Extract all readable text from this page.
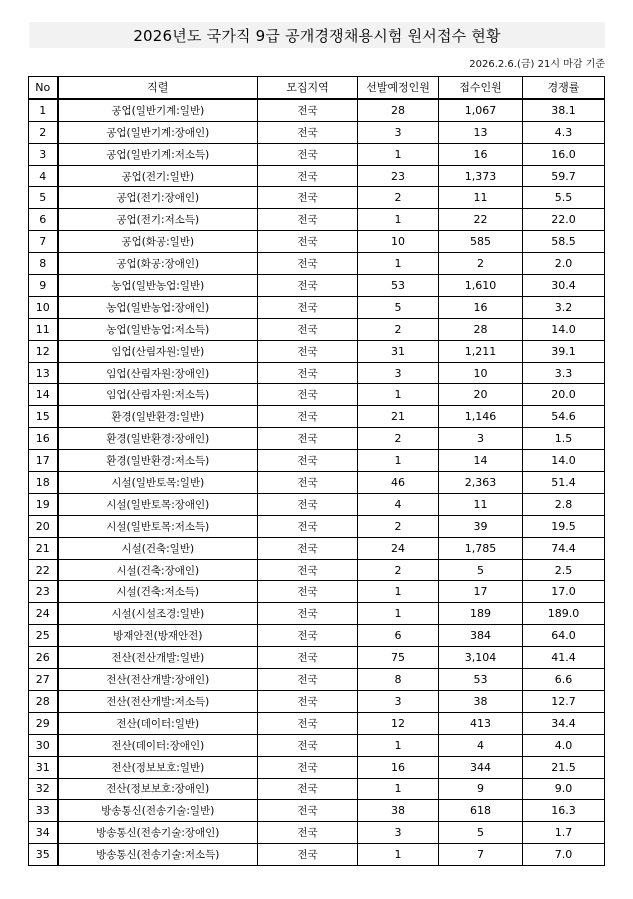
2026년도 국가직 9급 공개경쟁채용시험 원서접수 현황
2026.2.6.(금) 21시 마감 기준
No	직렬	모집지역	선발예정인원	접수인원	경쟁률
1	공업(일반기계:일반)	전국	28	1,067	38.1
2	공업(일반기계:장애인)	전국	3	13	4.3
3	공업(일반기계:저소득)	전국	1	16	16.0
4	공업(전기:일반)	전국	23	1,373	59.7
5	공업(전기:장애인)	전국	2	11	5.5
6	공업(전기:저소득)	전국	1	22	22.0
7	공업(화공:일반)	전국	10	585	58.5
8	공업(화공:장애인)	전국	1	2	2.0
9	농업(일반농업:일반)	전국	53	1,610	30.4
10	농업(일반농업:장애인)	전국	5	16	3.2
11	농업(일반농업:저소득)	전국	2	28	14.0
12	임업(산림자원:일반)	전국	31	1,211	39.1
13	임업(산림자원:장애인)	전국	3	10	3.3
14	임업(산림자원:저소득)	전국	1	20	20.0
15	환경(일반환경:일반)	전국	21	1,146	54.6
16	환경(일반환경:장애인)	전국	2	3	1.5
17	환경(일반환경:저소득)	전국	1	14	14.0
18	시설(일반토목:일반)	전국	46	2,363	51.4
19	시설(일반토목:장애인)	전국	4	11	2.8
20	시설(일반토목:저소득)	전국	2	39	19.5
21	시설(건축:일반)	전국	24	1,785	74.4
22	시설(건축:장애인)	전국	2	5	2.5
23	시설(건축:저소득)	전국	1	17	17.0
24	시설(시설조경:일반)	전국	1	189	189.0
25	방재안전(방재안전)	전국	6	384	64.0
26	전산(전산개발:일반)	전국	75	3,104	41.4
27	전산(전산개발:장애인)	전국	8	53	6.6
28	전산(전산개발:저소득)	전국	3	38	12.7
29	전산(데이터:일반)	전국	12	413	34.4
30	전산(데이터:장애인)	전국	1	4	4.0
31	전산(정보보호:일반)	전국	16	344	21.5
32	전산(정보보호:장애인)	전국	1	9	9.0
33	방송통신(전송기술:일반)	전국	38	618	16.3
34	방송통신(전송기술:장애인)	전국	3	5	1.7
35	방송통신(전송기술:저소득)	전국	1	7	7.0
